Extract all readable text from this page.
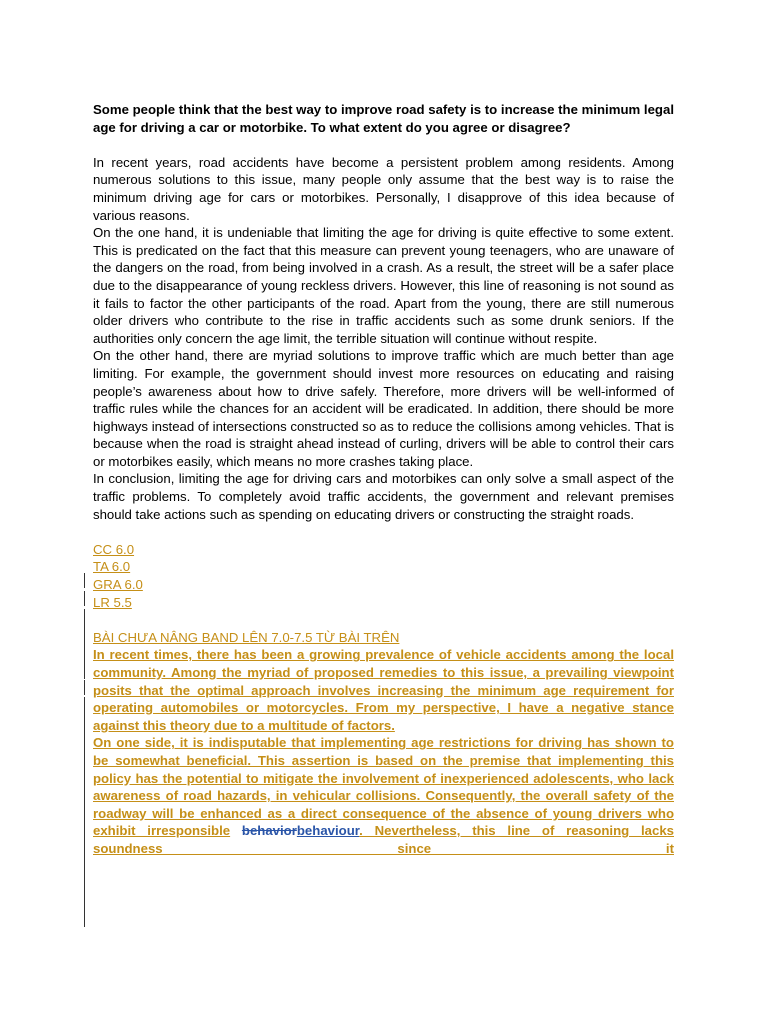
Some people think that the best way to improve road safety is to increase the minimum legal age for driving a car or motorbike. To what extent do you agree or disagree?

In recent years, road accidents have become a persistent problem among residents. Among numerous solutions to this issue, many people only assume that the best way is to raise the minimum driving age for cars or motorbikes. Personally, I disapprove of this idea because of various reasons.

On the one hand, it is undeniable that limiting the age for driving is quite effective to some extent. This is predicated on the fact that this measure can prevent young teenagers, who are unaware of the dangers on the road, from being involved in a crash. As a result, the street will be a safer place due to the disappearance of young reckless drivers. However, this line of reasoning is not sound as it fails to factor the other participants of the road. Apart from the young, there are still numerous older drivers who contribute to the rise in traffic accidents such as some drunk seniors. If the authorities only concern the age limit, the terrible situation will continue without respite.

On the other hand, there are myriad solutions to improve traffic which are much better than age limiting. For example, the government should invest more resources on educating and raising people’s awareness about how to drive safely. Therefore, more drivers will be well-informed of traffic rules while the chances for an accident will be eradicated. In addition, there should be more highways instead of intersections constructed so as to reduce the collisions among vehicles. That is because when the road is straight ahead instead of curling, drivers will be able to control their cars or motorbikes easily, which means no more crashes taking place.

In conclusion, limiting the age for driving cars and motorbikes can only solve a small aspect of the traffic problems. To completely avoid traffic accidents, the government and relevant premises should take actions such as spending on educating drivers or constructing the straight roads.

CC 6.0

TA 6.0

GRA 6.0

LR 5.5

BÀI CHƯA NÂNG BAND LÊN 7.0-7.5 TỪ BÀI TRÊN

In recent times, there has been a growing prevalence of vehicle accidents among the local community. Among the myriad of proposed remedies to this issue, a prevailing viewpoint posits that the optimal approach involves increasing the minimum age requirement for operating automobiles or motorcycles. From my perspective, I have a negative stance against this theory due to a multitude of factors.

On one side, it is indisputable that implementing age restrictions for driving has shown to be somewhat beneficial. This assertion is based on the premise that implementing this policy has the potential to mitigate the involvement of inexperienced adolescents, who lack awareness of road hazards, in vehicular collisions. Consequently, the overall safety of the roadway will be enhanced as a direct consequence of the absence of young drivers who exhibit irresponsible behaviorbehaviour. Nevertheless, this line of reasoning lacks soundness since it
